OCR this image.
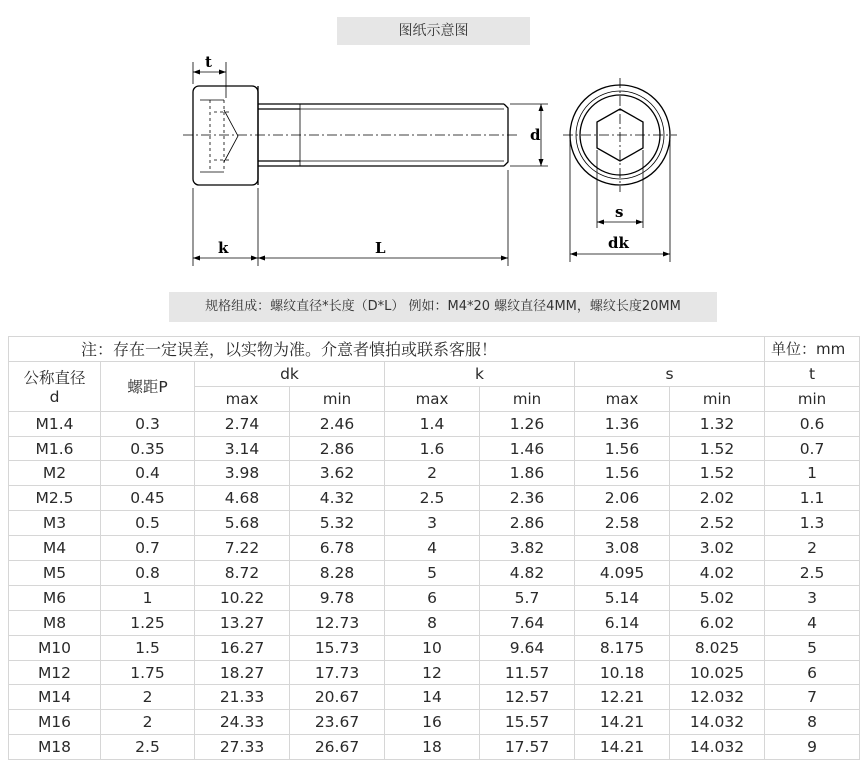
图纸示意图
t
d
k	L
s
dk
规格组成：螺纹直径*长度（D*L） 例如：M4*20 螺纹直径4MM，螺纹长度20MM
注：存在一定误差，以实物为准。介意者慎拍或联系客服！								单位：mm

公称直径
d	螺距P	dk		k		s		t
		max	min	max	min	max	min	min
M1.4	0.3	2.74	2.46	1.4	1.26	1.36	1.32	0.6
M1.6	0.35	3.14	2.86	1.6	1.46	1.56	1.52	0.7
M2	0.4	3.98	3.62	2	1.86	1.56	1.52	1
M2.5	0.45	4.68	4.32	2.5	2.36	2.06	2.02	1.1
M3	0.5	5.68	5.32	3	2.86	2.58	2.52	1.3
M4	0.7	7.22	6.78	4	3.82	3.08	3.02	2
M5	0.8	8.72	8.28	5	4.82	4.095	4.02	2.5
M6	1	10.22	9.78	6	5.7	5.14	5.02	3
M8	1.25	13.27	12.73	8	7.64	6.14	6.02	4
M10	1.5	16.27	15.73	10	9.64	8.175	8.025	5
M12	1.75	18.27	17.73	12	11.57	10.18	10.025	6
M14	2	21.33	20.67	14	12.57	12.21	12.032	7
M16	2	24.33	23.67	16	15.57	14.21	14.032	8
M18	2.5	27.33	26.67	18	17.57	14.21	14.032	9
